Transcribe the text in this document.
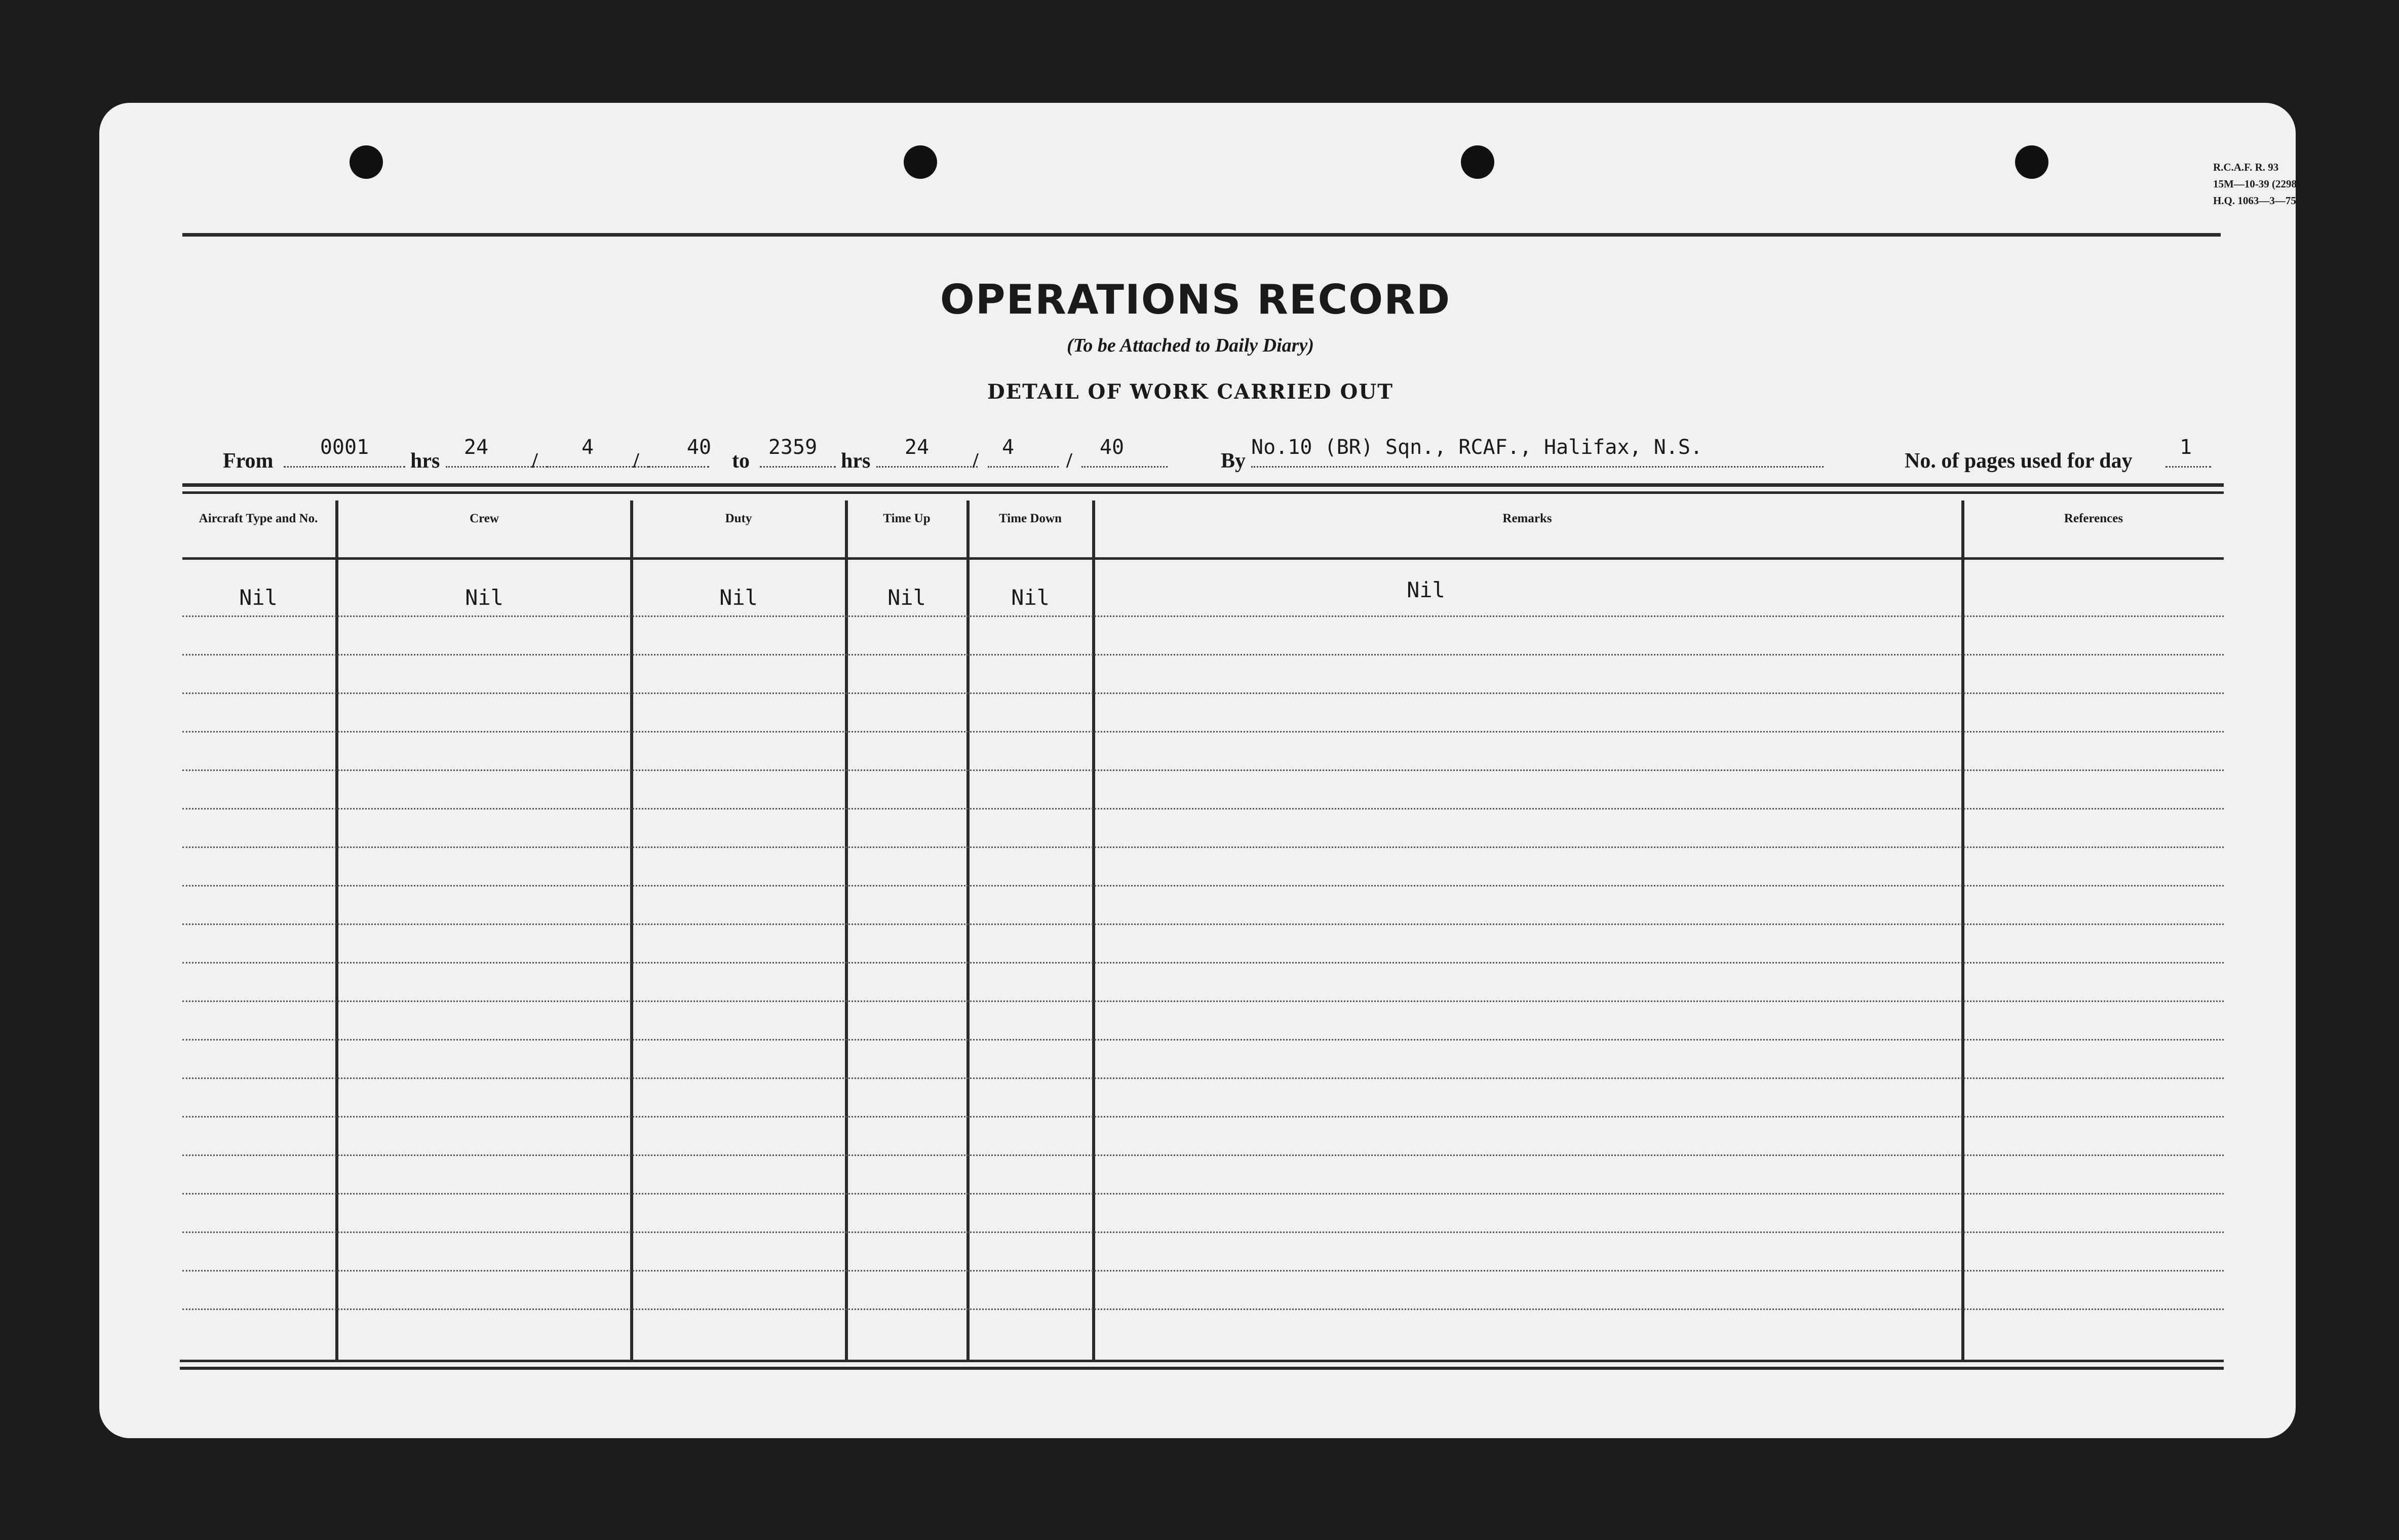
R.C.A.F. R. 93
15M—10-39 (2298)
H.Q. 1063—3—75
OPERATIONS RECORD
(To be Attached to Daily Diary)
DETAIL OF WORK CARRIED OUT
From
0001
hrs
24
/
4
/
40
to
2359
hrs
24
/
4
/
40
By
No.10 (BR) Sqn., RCAF., Halifax, N.S.
No. of pages used for day
1
Aircraft Type and No.	Crew	Duty	Time Up	Time Down	Remarks	References
Nil	Nil	Nil	Nil	Nil	Nil
